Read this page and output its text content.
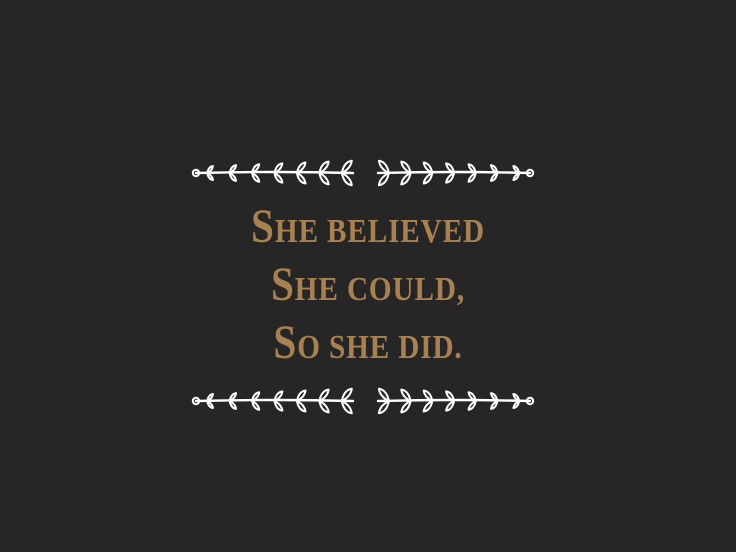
SHE BELIEVED
SHE COULD,
SO SHE DID.
